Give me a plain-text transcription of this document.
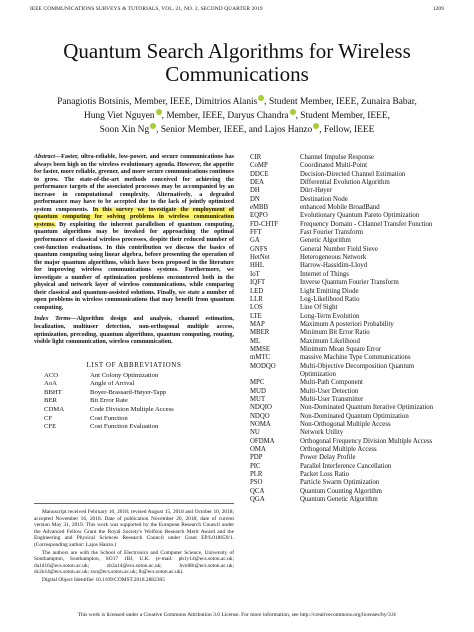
IEEE COMMUNICATIONS SURVEYS & TUTORIALS, VOL. 21, NO. 2, SECOND QUARTER 2019	1209
Quantum Search Algorithms for Wireless Communications
Panagiotis Botsinis, Member, IEEE, Dimitrios Alanis , Student Member, IEEE, Zunaira Babar,
Hung Viet Nguyen , Member, IEEE, Daryus Chandra , Student Member, IEEE,
Soon Xin Ng , Senior Member, IEEE, and Lajos Hanzo , Fellow, IEEE
Abstract—Faster, ultra-reliable, low-power, and secure communications has always been high on the wireless evolutionary agenda. However, the appetite for faster, more reliable, greener, and more secure communications continues to grow. The state-of-the-art methods conceived for achieving the performance targets of the associated processes may be accompanied by an increase in computational complexity. Alternatively, a degraded performance may have to be accepted due to the lack of jointly optimized system components. In this survey we investigate the employment of quantum computing for solving problems in wireless communication systems. By exploiting the inherent parallelism of quantum computing, quantum algorithms may be invoked for approaching the optimal performance of classical wireless processes, despite their reduced number of cost-function evaluations. In this contribution we discuss the basics of quantum computing using linear algebra, before presenting the operation of the major quantum algorithms, which have been proposed in the literature for improving wireless communications systems. Furthermore, we investigate a number of optimization problems encountered both in the physical and network layer of wireless communications, while comparing their classical and quantum-assisted solutions. Finally, we state a number of open problems in wireless communications that may benefit from quantum computing.
Index Terms—Algorithm design and analysis, channel estimation, localization, multiuser detection, non-orthogonal multiple access, optimization, precoding, quantum algorithms, quantum computing, routing, visible light communication, wireless communication.
LIST OF ABBREVIATIONS
ACO	Ant Colony Optimization
AoA	Angle of Arrival
BBHT	Boyer-Brassard-Høyer-Tapp
BER	Bit Error Rate
CDMA	Code Division Multiple Access
CF	Cost Function
CFE	Cost Function Evaluation

Manuscript received February 10, 2018; revised August 15, 2018 and October 10, 2018; accepted November 16, 2018. Date of publication November 20, 2018; date of current version May 31, 2019. This work was supported by the European Research Council under the Advanced Fellow Grant the Royal Society's Wolfson Research Merit Award and the Engineering and Physical Sciences Research Council under Grant EP/L018659/1. (Corresponding author: Lajos Hanzo.)

The authors are with the School of Electronics and Computer Science, University of Southampton, Southampton, SO17 1BJ, U.K. (e-mail: pb1y14@ecs.soton.ac.uk; da1d16@ecs.soton.ac.uk; zb2a14@ecs.soton.ac.uk; hvn08r@ecs.soton.ac.uk; dc2n14@ecs.soton.ac.uk; sxn@ecs.soton.ac.uk; lh@ecs.soton.ac.uk).

Digital Object Identifier 10.1109/COMST.2018.2882385

CIR	Channel Impulse Response
CoMP	Coordinated Multi-Point
DDCE	Decision-Directed Channel Estimation
DEA	Differential Evolution Algorithm
DH	Dürr-Høyer
DN	Destination Node
eMBB	enhanced Mobile BroadBand
EQPO	Evolutionary Quantum Pareto Optimization
FD-CHTF	Frequency Domain - CHannel Transfer Function
FFT	Fast Fourier Transform
GA	Genetic Algorithm
GNFS	General Number Field Sieve
HetNet	Heterogeneous Network
HHL	Harrow-Hassidim-Lloyd
IoT	Internet of Things
IQFT	Inverse Quantum Fourier Transform
LED	Light Emitting Diode
LLR	Log-Likelihood Ratio
LOS	Line Of Sight
LTE	Long-Term Evolution
MAP	Maximum A posteriori Probability
MBER	Minimum Bit Error Ratio
ML	Maximum Likelihood
MMSE	Minimum Mean Square Error
mMTC	massive Machine Type Communications
MODQO	Multi-Objective Decomposition Quantum Optimization
MPC	Multi-Path Component
MUD	Multi-User Detection
MUT	Multi-User Transmitter
NDQIO	Non-Dominated Quantum Iterative Optimization
NDQO	Non-Dominated Quantum Optimization
NOMA	Non-Orthogonal Multiple Access
NU	Network Utility
OFDMA	Orthogonal Frequency Division Multiple Access
OMA	Orthogonal Multiple Access
PDP	Power Delay Profile
PIC	Parallel Interference Cancellation
PLR	Packet Loss Ratio
PSO	Particle Swarm Optimization
QCA	Quantum Counting Algorithm
QGA	Quantum Genetic Algorithm
This work is licensed under a Creative Commons Attribution 3.0 License. For more information, see http://creativecommons.org/licenses/by/3.0/
